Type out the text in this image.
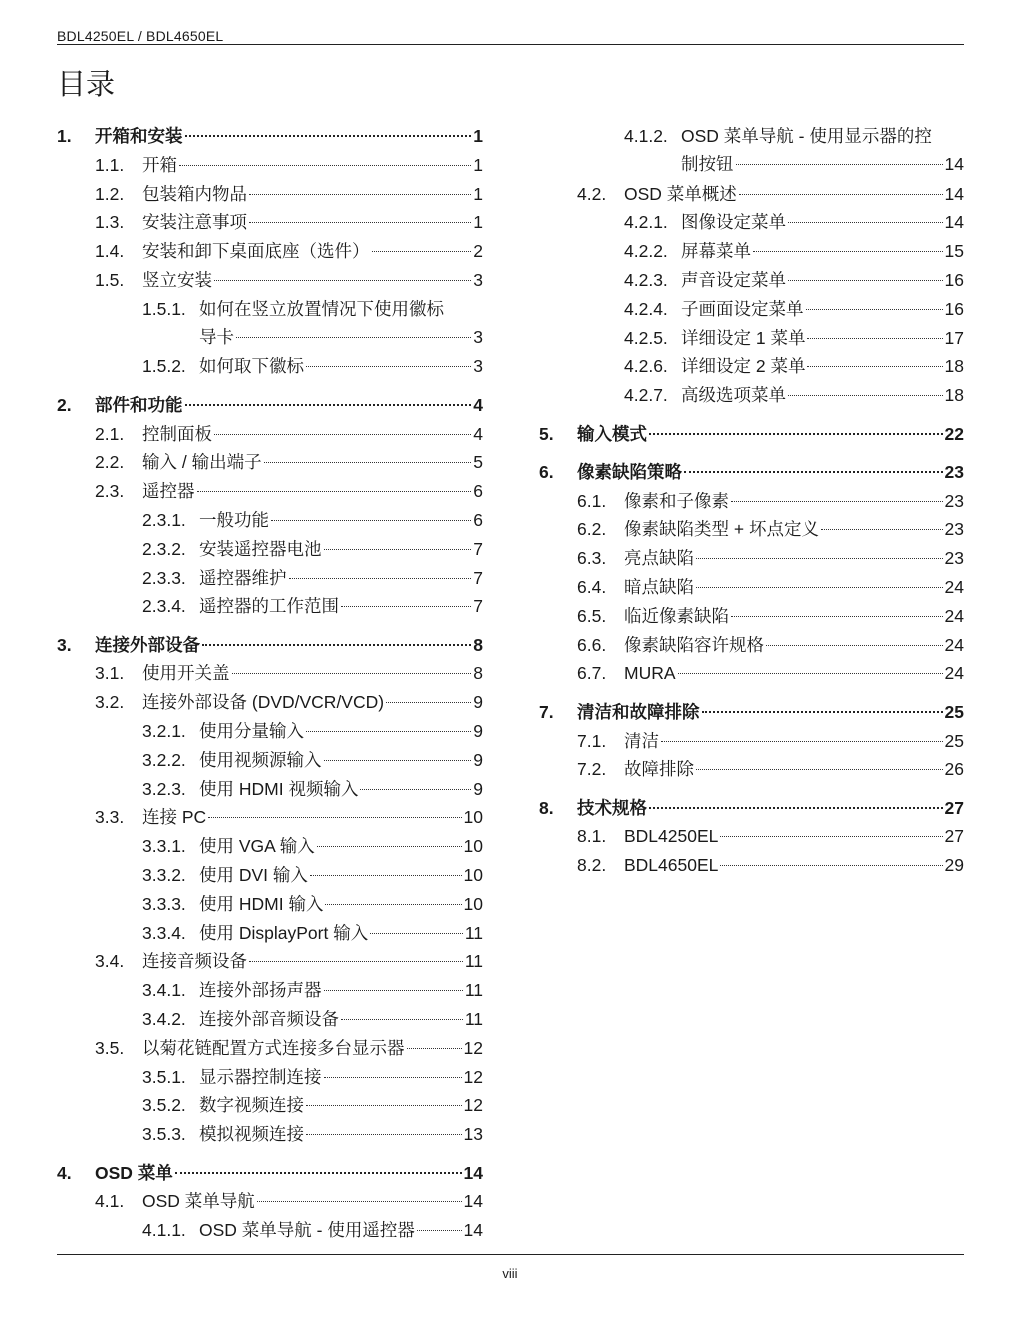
BDL4250EL / BDL4650EL
目录
1. 开箱和安装	1
1.1. 开箱	1
1.2. 包装箱内物品	1
1.3. 安装注意事项	1
1.4. 安装和卸下桌面底座（选件）	2
1.5. 竖立安装	3
1.5.1. 如何在竖立放置情况下使用徽标
导卡	3
1.5.2. 如何取下徽标	3
2. 部件和功能	4
2.1. 控制面板	4
2.2. 输入 / 输出端子	5
2.3. 遥控器	6
2.3.1. 一般功能	6
2.3.2. 安装遥控器电池	7
2.3.3. 遥控器维护	7
2.3.4. 遥控器的工作范围	7
3. 连接外部设备	8
3.1. 使用开关盖	8
3.2. 连接外部设备 (DVD/VCR/VCD)	9
3.2.1. 使用分量输入	9
3.2.2. 使用视频源输入	9
3.2.3. 使用 HDMI 视频输入	9
3.3. 连接 PC	10
3.3.1. 使用 VGA 输入	10
3.3.2. 使用 DVI 输入	10
3.3.3. 使用 HDMI 输入	10
3.3.4. 使用 DisplayPort 输入	11
3.4. 连接音频设备	11
3.4.1. 连接外部扬声器	11
3.4.2. 连接外部音频设备	11
3.5. 以菊花链配置方式连接多台显示器	12
3.5.1. 显示器控制连接	12
3.5.2. 数字视频连接	12
3.5.3. 模拟视频连接	13
4. OSD 菜单	14
4.1. OSD 菜单导航	14
4.1.1. OSD 菜单导航 - 使用遥控器	14
4.1.2. OSD 菜单导航 - 使用显示器的控
制按钮	14
4.2. OSD 菜单概述	14
4.2.1. 图像设定菜单	14
4.2.2. 屏幕菜单	15
4.2.3. 声音设定菜单	16
4.2.4. 子画面设定菜单	16
4.2.5. 详细设定 1 菜单	17
4.2.6. 详细设定 2 菜单	18
4.2.7. 高级选项菜单	18
5. 输入模式	22
6. 像素缺陷策略	23
6.1. 像素和子像素	23
6.2. 像素缺陷类型 + 坏点定义	23
6.3. 亮点缺陷	23
6.4. 暗点缺陷	24
6.5. 临近像素缺陷	24
6.6. 像素缺陷容许规格	24
6.7. MURA	24
7. 清洁和故障排除	25
7.1. 清洁	25
7.2. 故障排除	26
8. 技术规格	27
8.1. BDL4250EL	27
8.2. BDL4650EL	29
viii
